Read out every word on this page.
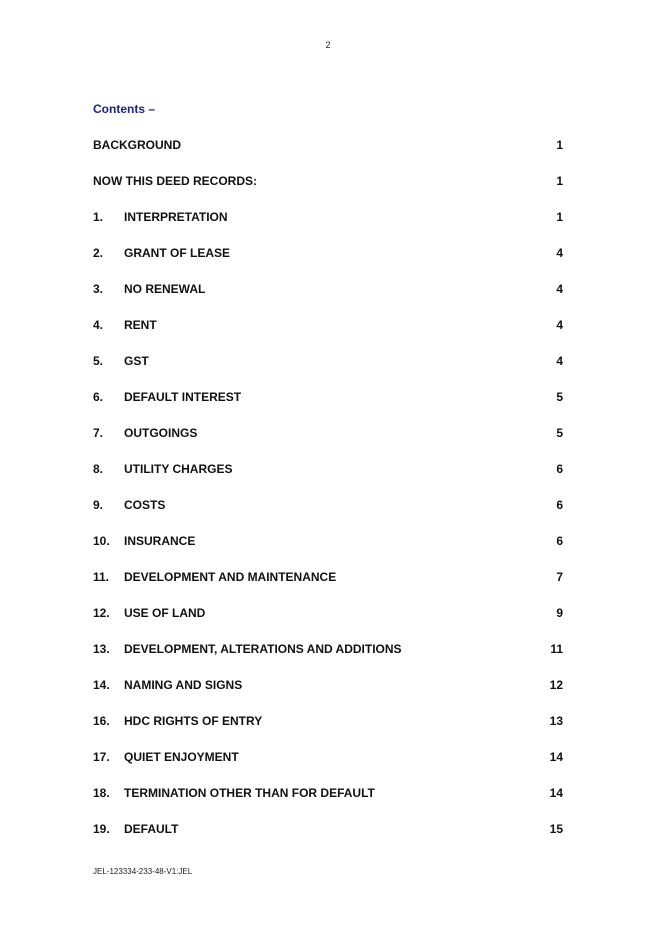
2
Contents –
BACKGROUND	1
NOW THIS DEED RECORDS:	1
1. INTERPRETATION	1
2. GRANT OF LEASE	4
3. NO RENEWAL	4
4. RENT	4
5. GST	4
6. DEFAULT INTEREST	5
7. OUTGOINGS	5
8. UTILITY CHARGES	6
9. COSTS	6
10. INSURANCE	6
11. DEVELOPMENT AND MAINTENANCE	7
12. USE OF LAND	9
13. DEVELOPMENT, ALTERATIONS AND ADDITIONS	11
14. NAMING AND SIGNS	12
16. HDC RIGHTS OF ENTRY	13
17. QUIET ENJOYMENT	14
18. TERMINATION OTHER THAN FOR DEFAULT	14
19. DEFAULT	15
JEL-123334-233-48-V1:JEL
